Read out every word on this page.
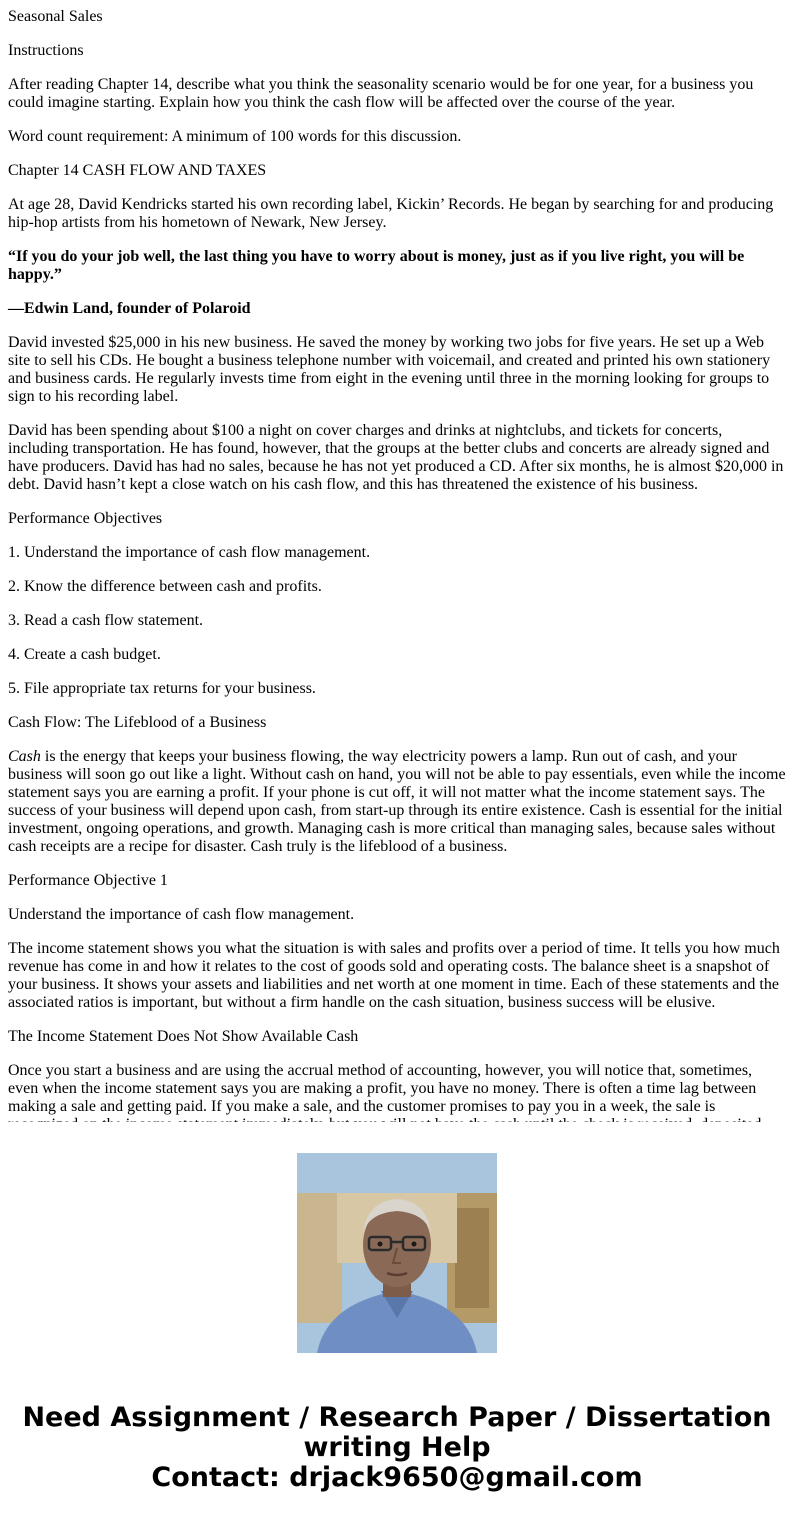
Seasonal Sales

Instructions

After reading Chapter 14, describe what you think the seasonality scenario would be for one year, for a business you could imagine starting. Explain how you think the cash flow will be affected over the course of the year.

Word count requirement: A minimum of 100 words for this discussion.

Chapter 14 CASH FLOW AND TAXES

At age 28, David Kendricks started his own recording label, Kickin’ Records. He began by searching for and producing hip-hop artists from his hometown of Newark, New Jersey.

“If you do your job well, the last thing you have to worry about is money, just as if you live right, you will be happy.”

—Edwin Land, founder of Polaroid

David invested $25,000 in his new business. He saved the money by working two jobs for five years. He set up a Web site to sell his CDs. He bought a business telephone number with voicemail, and created and printed his own stationery and business cards. He regularly invests time from eight in the evening until three in the morning looking for groups to sign to his recording label.

David has been spending about $100 a night on cover charges and drinks at nightclubs, and tickets for concerts, including transportation. He has found, however, that the groups at the better clubs and concerts are already signed and have producers. David has had no sales, because he has not yet produced a CD. After six months, he is almost $20,000 in debt. David hasn’t kept a close watch on his cash flow, and this has threatened the existence of his business.

Performance Objectives

1. Understand the importance of cash flow management.

2. Know the difference between cash and profits.

3. Read a cash flow statement.

4. Create a cash budget.

5. File appropriate tax returns for your business.

Cash Flow: The Lifeblood of a Business

Cash is the energy that keeps your business flowing, the way electricity powers a lamp. Run out of cash, and your business will soon go out like a light. Without cash on hand, you will not be able to pay essentials, even while the income statement says you are earning a profit. If your phone is cut off, it will not matter what the income statement says. The success of your business will depend upon cash, from start-up through its entire existence. Cash is essential for the initial investment, ongoing operations, and growth. Managing cash is more critical than managing sales, because sales without cash receipts are a recipe for disaster. Cash truly is the lifeblood of a business.

Performance Objective 1

Understand the importance of cash flow management.

The income statement shows you what the situation is with sales and profits over a period of time. It tells you how much revenue has come in and how it relates to the cost of goods sold and operating costs. The balance sheet is a snapshot of your business. It shows your assets and liabilities and net worth at one moment in time. Each of these statements and the associated ratios is important, but without a firm handle on the cash situation, business success will be elusive.

The Income Statement Does Not Show Available Cash

Once you start a business and are using the accrual method of accounting, however, you will notice that, sometimes, even when the income statement says you are making a profit, you have no money. There is often a time lag between making a sale and getting paid. If you make a sale, and the customer promises to pay you in a week, the sale is

Need Assignment / Research Paper / Dissertation writing Help
Contact: drjack9650@gmail.com
